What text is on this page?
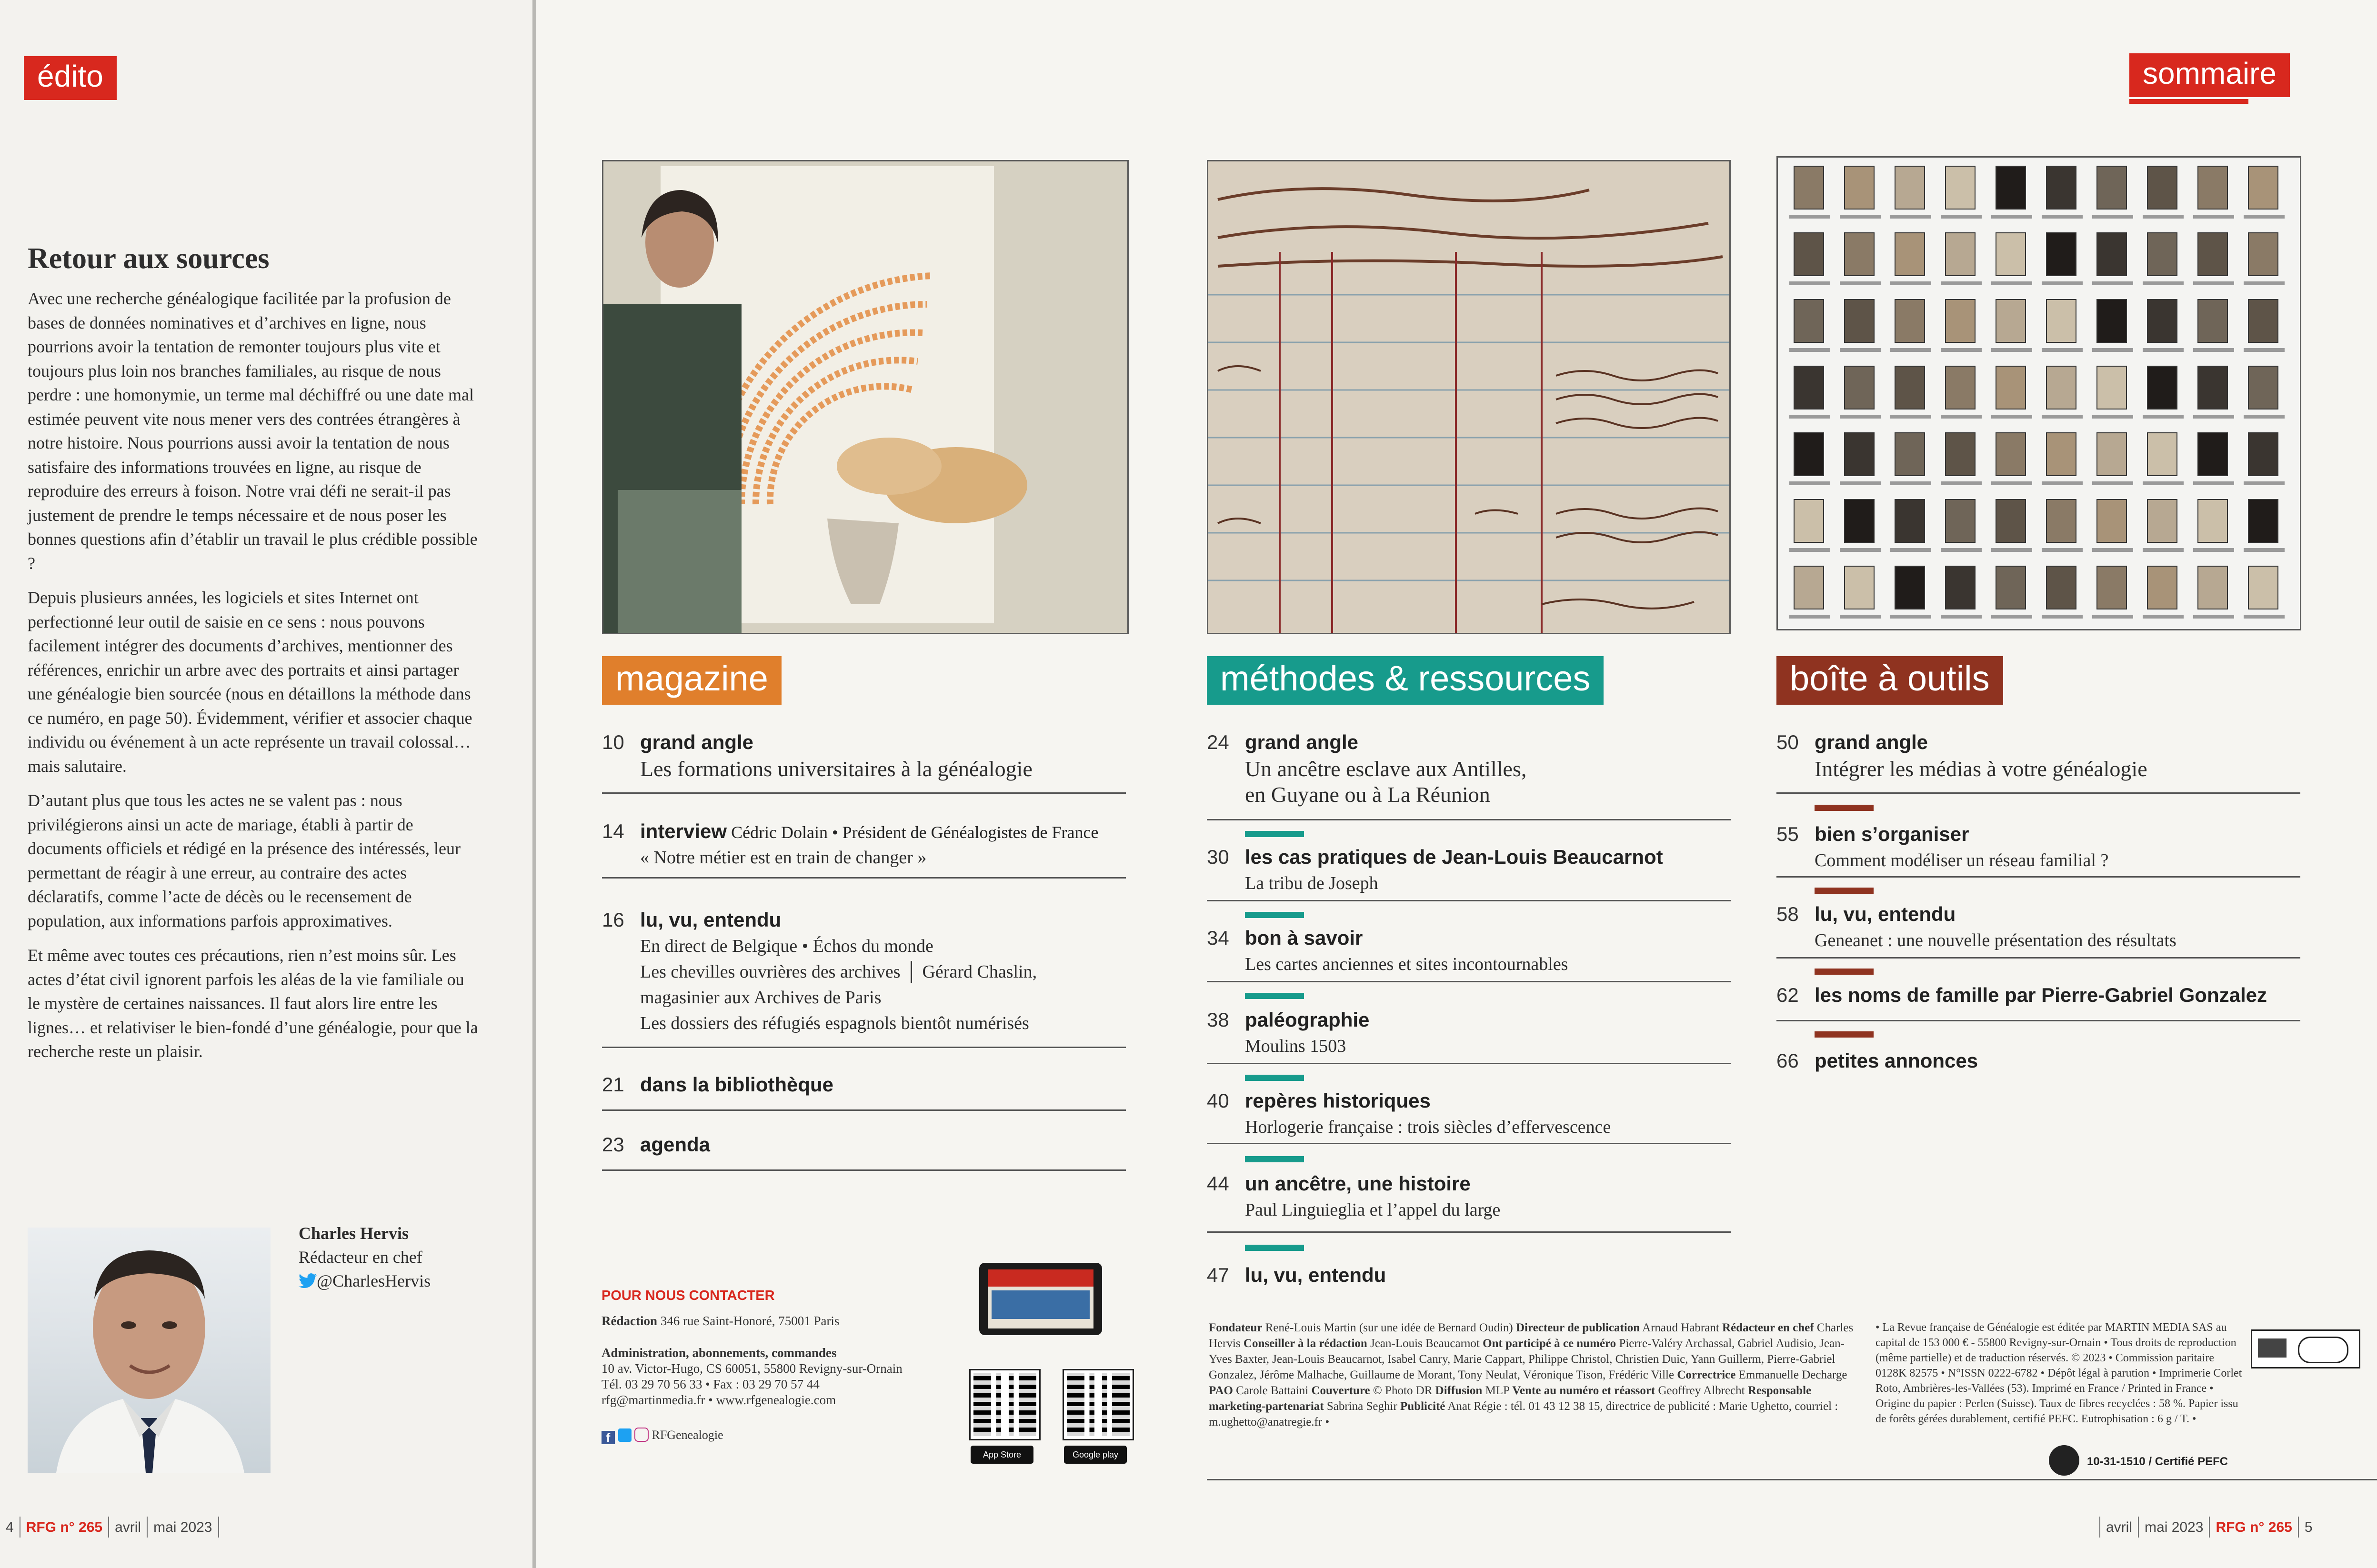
édito
Retour aux sources

Avec une recherche généalogique facilitée par la profusion de bases de données nominatives et d’archives en ligne, nous pourrions avoir la tentation de remonter toujours plus vite et toujours plus loin nos branches familiales, au risque de nous perdre : une homonymie, un terme mal déchiffré ou une date mal estimée peuvent vite nous mener vers des contrées étrangères à notre histoire. Nous pourrions aussi avoir la tentation de nous satisfaire des informations trouvées en ligne, au risque de reproduire des erreurs à foison. Notre vrai défi ne serait-il pas justement de prendre le temps nécessaire et de nous poser les bonnes questions afin d’établir un travail le plus crédible possible ?

Depuis plusieurs années, les logiciels et sites Internet ont perfectionné leur outil de saisie en ce sens : nous pouvons facilement intégrer des documents d’archives, mentionner des références, enrichir un arbre avec des portraits et ainsi partager une généalogie bien sourcée (nous en détaillons la méthode dans ce numéro, en page 50). Évidemment, vérifier et associer chaque individu ou événement à un acte représente un travail colossal… mais salutaire.

D’autant plus que tous les actes ne se valent pas : nous privilégierons ainsi un acte de mariage, établi à partir de documents officiels et rédigé en la présence des intéressés, leur permettant de réagir à une erreur, au contraire des actes déclaratifs, comme l’acte de décès ou le recensement de population, aux informations parfois approximatives.

Et même avec toutes ces précautions, rien n’est moins sûr. Les actes d’état civil ignorent parfois les aléas de la vie familiale ou le mystère de certaines naissances. Il faut alors lire entre les lignes… et relativiser le bien-fondé d’une généalogie, pour que la recherche reste un plaisir.

Charles Hervis
Rédacteur en chef
@CharlesHervis
4 RFG n° 265 avril mai 2023
sommaire
magazine	méthodes & ressources	boîte à outils
10 grand angle
Les formations universitaires à la généalogie
14 interview Cédric Dolain • Président de Généalogistes de France
« Notre métier est en train de changer »
16 lu, vu, entendu
En direct de Belgique • Échos du monde
Les chevilles ouvrières des archives │ Gérard Chaslin,
magasinier aux Archives de Paris
Les dossiers des réfugiés espagnols bientôt numérisés
21 dans la bibliothèque
23 agenda
24 grand angle
Un ancêtre esclave aux Antilles,
en Guyane ou à La Réunion
30 les cas pratiques de Jean-Louis Beaucarnot
La tribu de Joseph
34 bon à savoir
Les cartes anciennes et sites incontournables
38 paléographie
Moulins 1503
40 repères historiques
Horlogerie française : trois siècles d’effervescence
44 un ancêtre, une histoire
Paul Linguieglia et l’appel du large
47 lu, vu, entendu
50 grand angle
Intégrer les médias à votre généalogie
55 bien s’organiser
Comment modéliser un réseau familial ?
58 lu, vu, entendu
Geneanet : une nouvelle présentation des résultats
62 les noms de famille par Pierre-Gabriel Gonzalez
66 petites annonces
POUR NOUS CONTACTER
Rédaction 346 rue Saint-Honoré, 75001 Paris
Administration, abonnements, commandes
10 av. Victor-Hugo, CS 60051, 55800 Revigny-sur-Ornain
Tél. 03 29 70 56 33 • Fax : 03 29 70 57 44
rfg@martinmedia.fr • www.rfgenealogie.com
f	RFGenealogie
App Store	Google play
Fondateur René-Louis Martin (sur une idée de Bernard Oudin) Directeur de publication Arnaud Habrant Rédacteur en chef Charles Hervis Conseiller à la rédaction Jean-Louis Beaucarnot Ont participé à ce numéro Pierre-Valéry Archassal, Gabriel Audisio, Jean-Yves Baxter, Jean-Louis Beaucarnot, Isabel Canry, Marie Cappart, Philippe Christol, Christien Duic, Yann Guillerm, Pierre-Gabriel Gonzalez, Jérôme Malhache, Guillaume de Morant, Tony Neulat, Véronique Tison, Frédéric Ville Correctrice Emmanuelle Decharge PAO Carole Battaini Couverture © Photo DR Diffusion MLP Vente au numéro et réassort Geoffrey Albrecht Responsable marketing-partenariat Sabrina Seghir Publicité Anat Régie : tél. 01 43 12 38 15, directrice de publicité : Marie Ughetto, courriel : m.ughetto@anatregie.fr •
• La Revue française de Généalogie est éditée par MARTIN MEDIA SAS au capital de 153 000 € - 55800 Revigny-sur-Ornain • Tous droits de reproduction (même partielle) et de traduction réservés. © 2023 • Commission paritaire 0128K 82575 • N°ISSN 0222-6782 • Dépôt légal à parution • Imprimerie Corlet Roto, Ambrières-les-Vallées (53). Imprimé en France / Printed in France • Origine du papier : Perlen (Suisse). Taux de fibres recyclées : 58 %. Papier issu de forêts gérées durablement, certifié PEFC. Eutrophisation : 6 g / T. •
10-31-1510 / Certifié PEFC
avril mai 2023 RFG n° 265 5
